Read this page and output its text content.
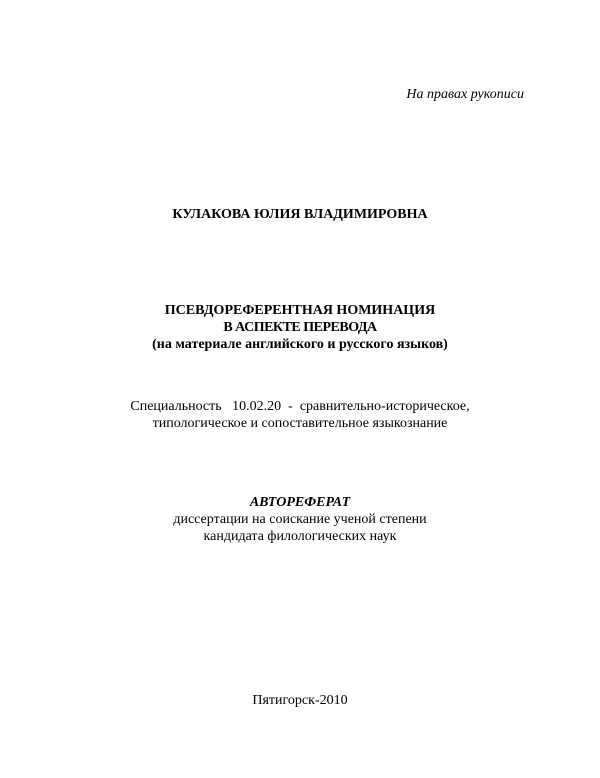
На правах рукописи
КУЛАКОВА ЮЛИЯ ВЛАДИМИРОВНА
ПСЕВДОРЕФЕРЕНТНАЯ НОМИНАЦИЯ
В АСПЕКТЕ ПЕРЕВОДА
(на материале английского и русского языков)
Специальность   10.02.20  -  сравнительно-историческое,
типологическое и сопоставительное языкознание
АВТОРЕФЕРАТ
диссертации на соискание ученой степени
кандидата филологических наук
Пятигорск-2010
